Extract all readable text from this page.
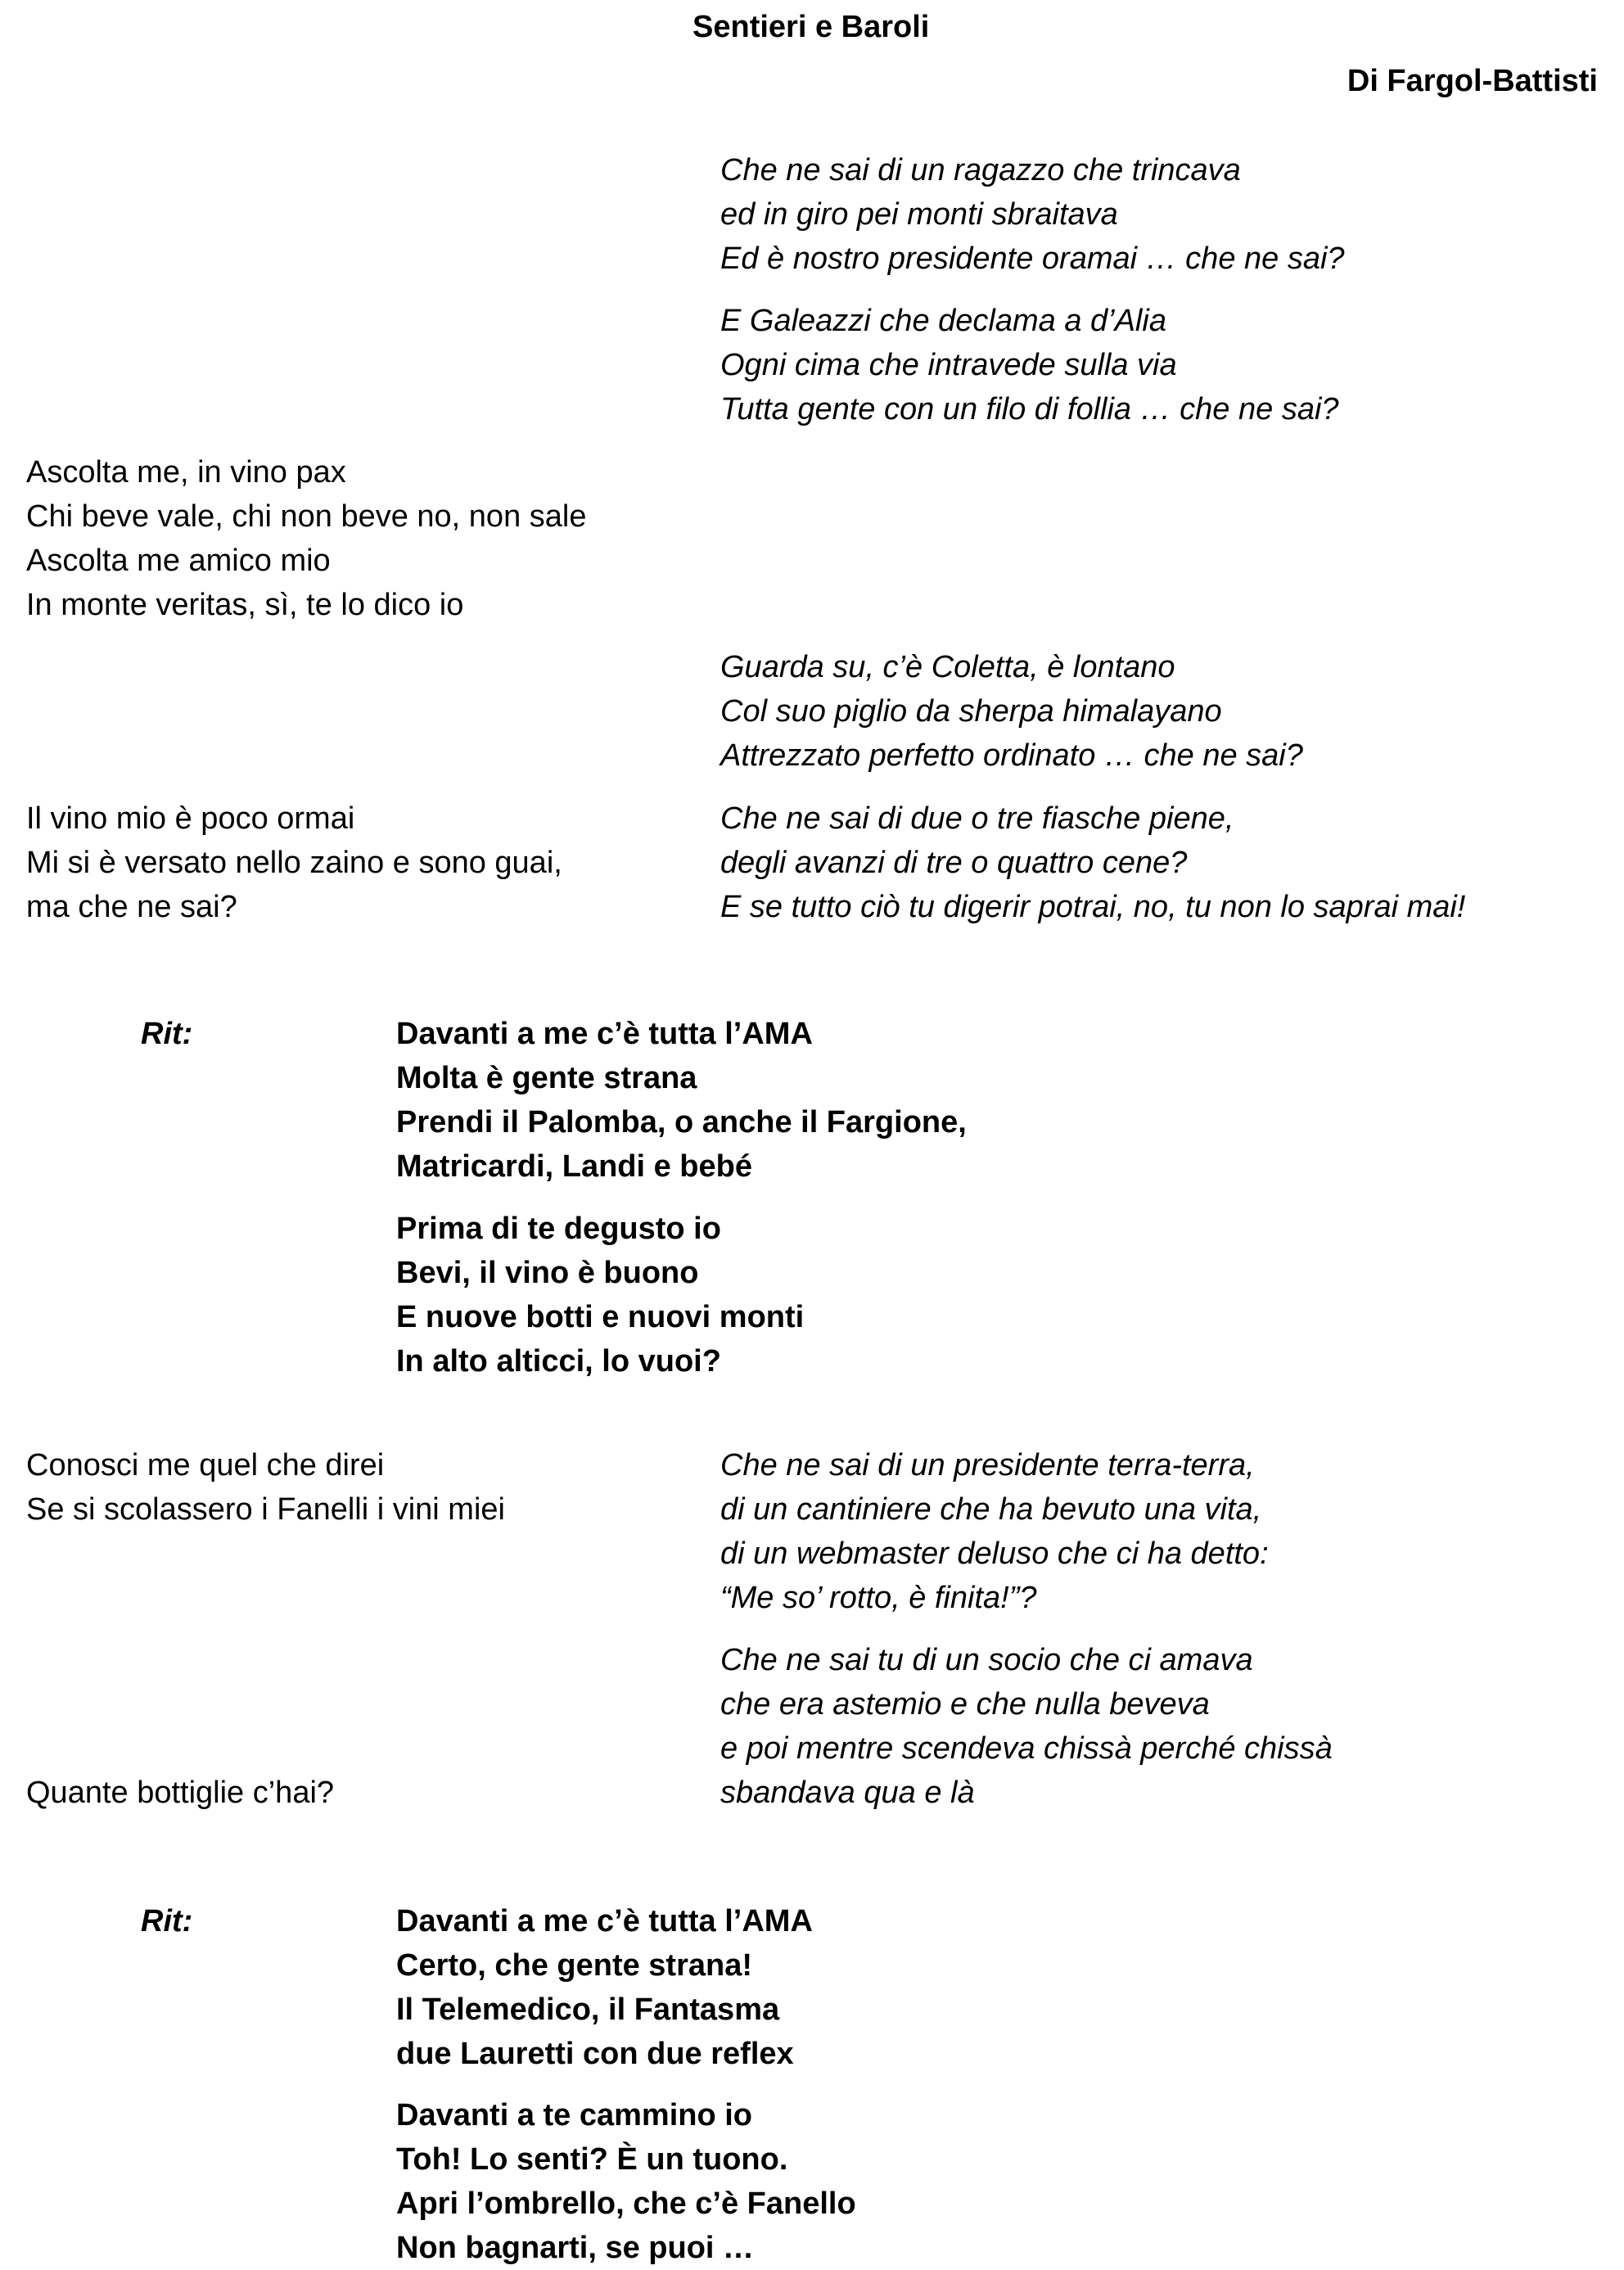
Sentieri e Baroli
Di Fargol-Battisti
Che ne sai di un ragazzo che trincava
ed in giro pei monti sbraitava
Ed è nostro presidente oramai … che ne sai?
E Galeazzi che declama a d’Alia
Ogni cima che intravede sulla via
Tutta gente con un filo di follia … che ne sai?
Ascolta me, in vino pax
Chi beve vale, chi non beve no, non sale
Ascolta me amico mio
In monte veritas, sì, te lo dico io
Guarda su, c’è Coletta, è lontano
Col suo piglio da sherpa himalayano
Attrezzato perfetto ordinato … che ne sai?
Il vino mio è poco ormai
Mi si è versato nello zaino e sono guai,
ma che ne sai?
Che ne sai di due o tre fiasche piene,
degli avanzi di tre o quattro cene?
E se tutto ciò tu digerir potrai, no, tu non lo saprai mai!
Rit:	Davanti a me c’è tutta l’AMA
Molta è gente strana
Prendi il Palomba, o anche il Fargione,
Matricardi, Landi e bebé
Prima di te degusto io
Bevi, il vino è buono
E nuove botti e nuovi monti
In alto alticci, lo vuoi?
Conosci me quel che direi
Se si scolassero i Fanelli i vini miei
Che ne sai di un presidente terra-terra,
di un cantiniere che ha bevuto una vita,
di un webmaster deluso che ci ha detto:
“Me so’ rotto, è finita!”?
Che ne sai tu di un socio che ci amava
che era astemio e che nulla beveva
e poi mentre scendeva chissà perché chissà
sbandava qua e là
Quante bottiglie c’hai?
Rit:	Davanti a me c’è tutta l’AMA
Certo, che gente strana!
Il Telemedico, il Fantasma
due Lauretti con due reflex
Davanti a te cammino io
Toh! Lo senti? È un tuono.
Apri l’ombrello, che c’è Fanello
Non bagnarti, se puoi …
